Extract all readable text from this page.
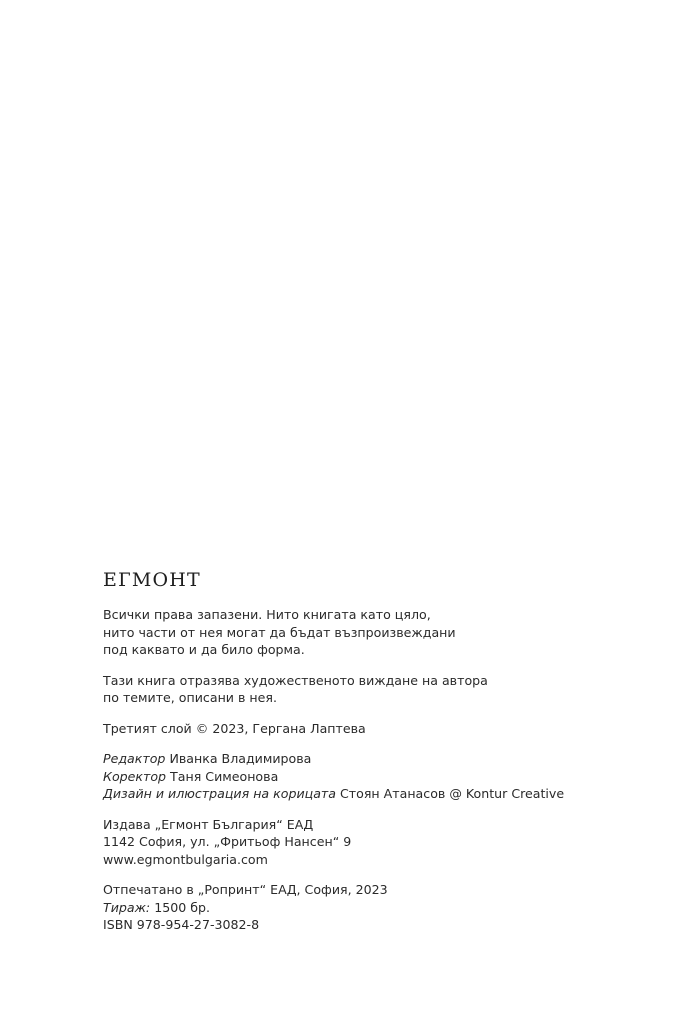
ЕГМОНТ
Всички права запазени. Нито книгата като цяло,
нито части от нея могат да бъдат възпроизвеждани
под каквато и да било форма.
Тази книга отразява художественото виждане на автора
по темите, описани в нея.
Третият слой © 2023, Гергана Лаптева
Редактор Иванка Владимирова
Коректор Таня Симеонова
Дизайн и илюстрация на корицата Стоян Атанасов @ Kontur Creative
Издава „Егмонт България“ ЕАД
1142 София, ул. „Фритьоф Нансен“ 9
www.egmontbulgaria.com
Отпечатано в „Ропринт“ ЕАД, София, 2023
Тираж: 1500 бр.
ISBN 978-954-27-3082-8
